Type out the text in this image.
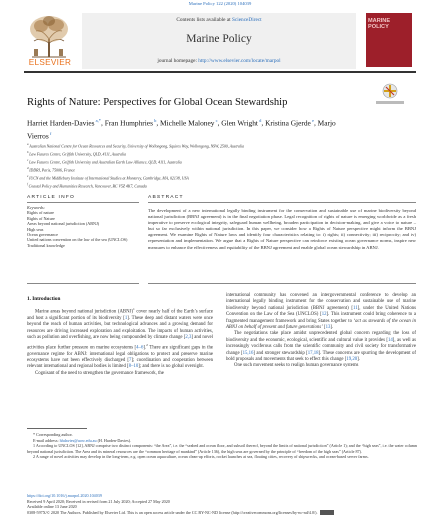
Marine Policy 122 (2020) 104039
ELSEVIER
Contents lists available at ScienceDirect
Marine Policy
journal homepage: http://www.elsevier.com/locate/marpol
MARINE POLICY
Rights of Nature: Perspectives for Global Ocean Stewardship
Harriet Harden-Davies $^{a,*}$, Fran Humphries $^b$, Michelle Maloney $^c$, Glen Wright $^d$, Kristina Gjerde $^e$, Marjo Vierros $^f$
$^a$ Australian National Centre for Ocean Resources and Security, University of Wollongong, Squires Way, Wollongong, NSW, 2500, Australia
$^b$ Law Futures Centre, Griffith University, QLD, 4111, Australia
$^c$ Law Futures Centre, Griffith University and Australian Earth Law Alliance, QLD, 4111, Australia
$^d$ IDDRI, Paris, 75006, France
$^e$ IUCN and the Middlebury Institute of International Studies at Monterey, Cambridge, MA, 02138, USA
$^f$ Coastal Policy and Humanities Research, Vancouver, BC V5Z 4K7, Canada
ARTICLE INFO	ABSTRACT
Keywords:
Rights of nature
Rights of Nature
Areas beyond national jurisdiction (ABNJ)
High seas
Ocean governance
United nations convention on the law of the sea (UNCLOS)
Traditional knowledge
The development of a new international legally binding instrument for the conservation and sustainable use of marine biodiversity beyond national jurisdiction (BBNJ agreement) is in the final negotiation phase. Legal recognition of rights of nature is emerging worldwide as a fresh imperative to preserve ecological integrity, safeguard human wellbeing, broaden participation in decision-making, and give a voice to nature – but so far exclusively within national jurisdiction. In this paper, we consider how a Rights of Nature perspective might inform the BBNJ agreement. We examine Rights of Nature laws and identify four characteristics relating to: i) rights; ii) connectivity; iii) reciprocity; and iv) representation and implementation. We argue that a Rights of Nature perspective can reinforce existing ocean governance norms, inspire new measures to enhance the effectiveness and equitability of the BBNJ agreement and enable global ocean stewardship in ABNJ.
1. Introduction

Marine areas beyond national jurisdiction (ABNJ)$^1$ cover nearly half of the Earth’s surface and host a significant portion of its biodiversity [1]. These deep and distant waters were once beyond the reach of human activities, but technological advances and a growing demand for resources are driving increased exploration and exploitation. The impacts of human activities, such as pollution and overfishing, are now being compounded by climate change [2,3] and novel activities place further pressure on marine ecosystems [4–6].$^2$ There are significant gaps in the governance regime for ABNJ: international legal obligations to protect and preserve marine ecosystems have not been effectively discharged [7]; coordination and cooperation between relevant international and regional bodies is limited [8–10]; and there is no global oversight.

Cognisant of the need to strengthen the governance framework, the

international community has convened an intergovernmental conference to develop an international legally binding instrument for the conservation and sustainable use of marine biodiversity beyond national jurisdiction (BBNJ agreement) [11], under the United Nations Convention on the Law of the Sea (UNCLOS) [12]. This instrument could bring coherence to a fragmented management framework and bring States together to ‘act as stewards of the ocean in ABNJ on behalf of present and future generations’ [13].

The negotiations take place amidst unprecedented global concern regarding the loss of biodiversity and the economic, ecological, scientific and cultural value it provides [14], as well as increasingly vociferous calls from the scientific community and civil society for transformative change [15,16] and stronger stewardship [17,18]. These concerns are spurring the development of bold proposals and movements that seek to effect this change [19,20].

One such movement seeks to realign human governance systems

* Corresponding author.

E-mail address: hhdavies@uow.edu.au (H. Harden-Davies).

1 According to UNCLOS [12], ABNJ comprise two distinct components: “the Area”, i.e. the “seabed and ocean floor, and subsoil thereof, beyond the limits of national jurisdiction” (Article 1); and the “high seas”, i.e. the water column beyond national jurisdiction. The Area and its mineral resources are the “common heritage of mankind” (Article 136), the high seas are governed by the principle of “freedom of the high seas” (Article 87).

2 A range of novel activities may develop in the long-term, e.g. open ocean aquaculture, ocean clean-up efforts, rocket launches at sea, floating cities, recovery of shipwrecks, and ocean-based server farms.

https://doi.org/10.1016/j.marpol.2020.104039
Received 9 April 2020; Received in revised form 21 July 2020; Accepted 27 May 2020
Available online 13 June 2020
0308-597X/© 2020 The Authors. Published by Elsevier Ltd. This is an open access article under the CC BY-NC-ND license (http://creativecommons.org/licenses/by-nc-nd/4.0/).
